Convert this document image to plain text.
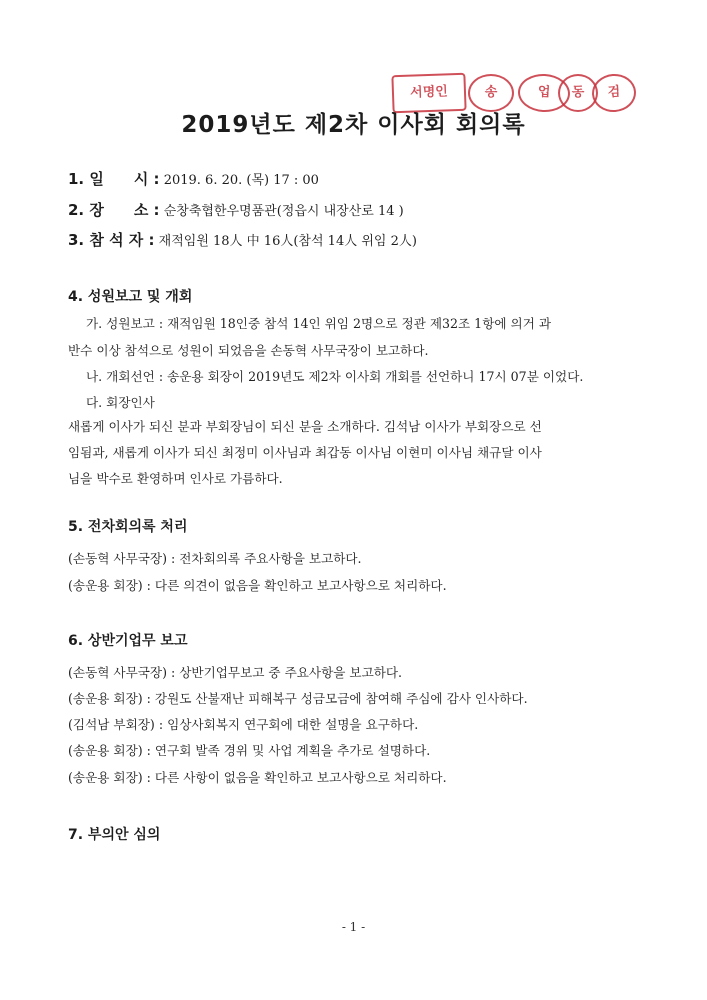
서명인	송	업	동	검
2019년도 제2차 이사회 회의록
1. 일　　시 : 2019. 6. 20. (목) 17 : 00
2. 장　　소 : 순창축협한우명품관(정읍시 내장산로 14 )
3. 참 석 자 : 재적임원 18人 中 16人(참석 14人 위임 2人)
4. 성원보고 및 개회
가. 성원보고 : 재적임원 18인중 참석 14인 위임 2명으로 정관 제32조 1항에 의거 과
반수 이상 참석으로 성원이 되었음을 손동혁 사무국장이 보고하다.
나. 개회선언 : 송운용 회장이 2019년도 제2차 이사회 개회를 선언하니 17시 07분 이었다.
다. 회장인사
새롭게 이사가 되신 분과 부회장님이 되신 분을 소개하다. 김석남 이사가 부회장으로 선
임됨과, 새롭게 이사가 되신 최정미 이사님과 최갑동 이사님 이현미 이사님 채규달 이사
님을 박수로 환영하며 인사로 가름하다.
5. 전차회의록 처리
(손동혁 사무국장) : 전차회의록 주요사항을 보고하다.
(송운용 회장) : 다른 의견이 없음을 확인하고 보고사항으로 처리하다.
6. 상반기업무 보고
(손동혁 사무국장) : 상반기업무보고 중 주요사항을 보고하다.
(송운용 회장) : 강원도 산불재난 피해복구 성금모금에 참여해 주심에 감사 인사하다.
(김석남 부회장) : 임상사회복지 연구회에 대한 설명을 요구하다.
(송운용 회장) : 연구회 발족 경위 및 사업 계획을 추가로 설명하다.
(송운용 회장) : 다른 사항이 없음을 확인하고 보고사항으로 처리하다.
7. 부의안 심의
- 1 -
